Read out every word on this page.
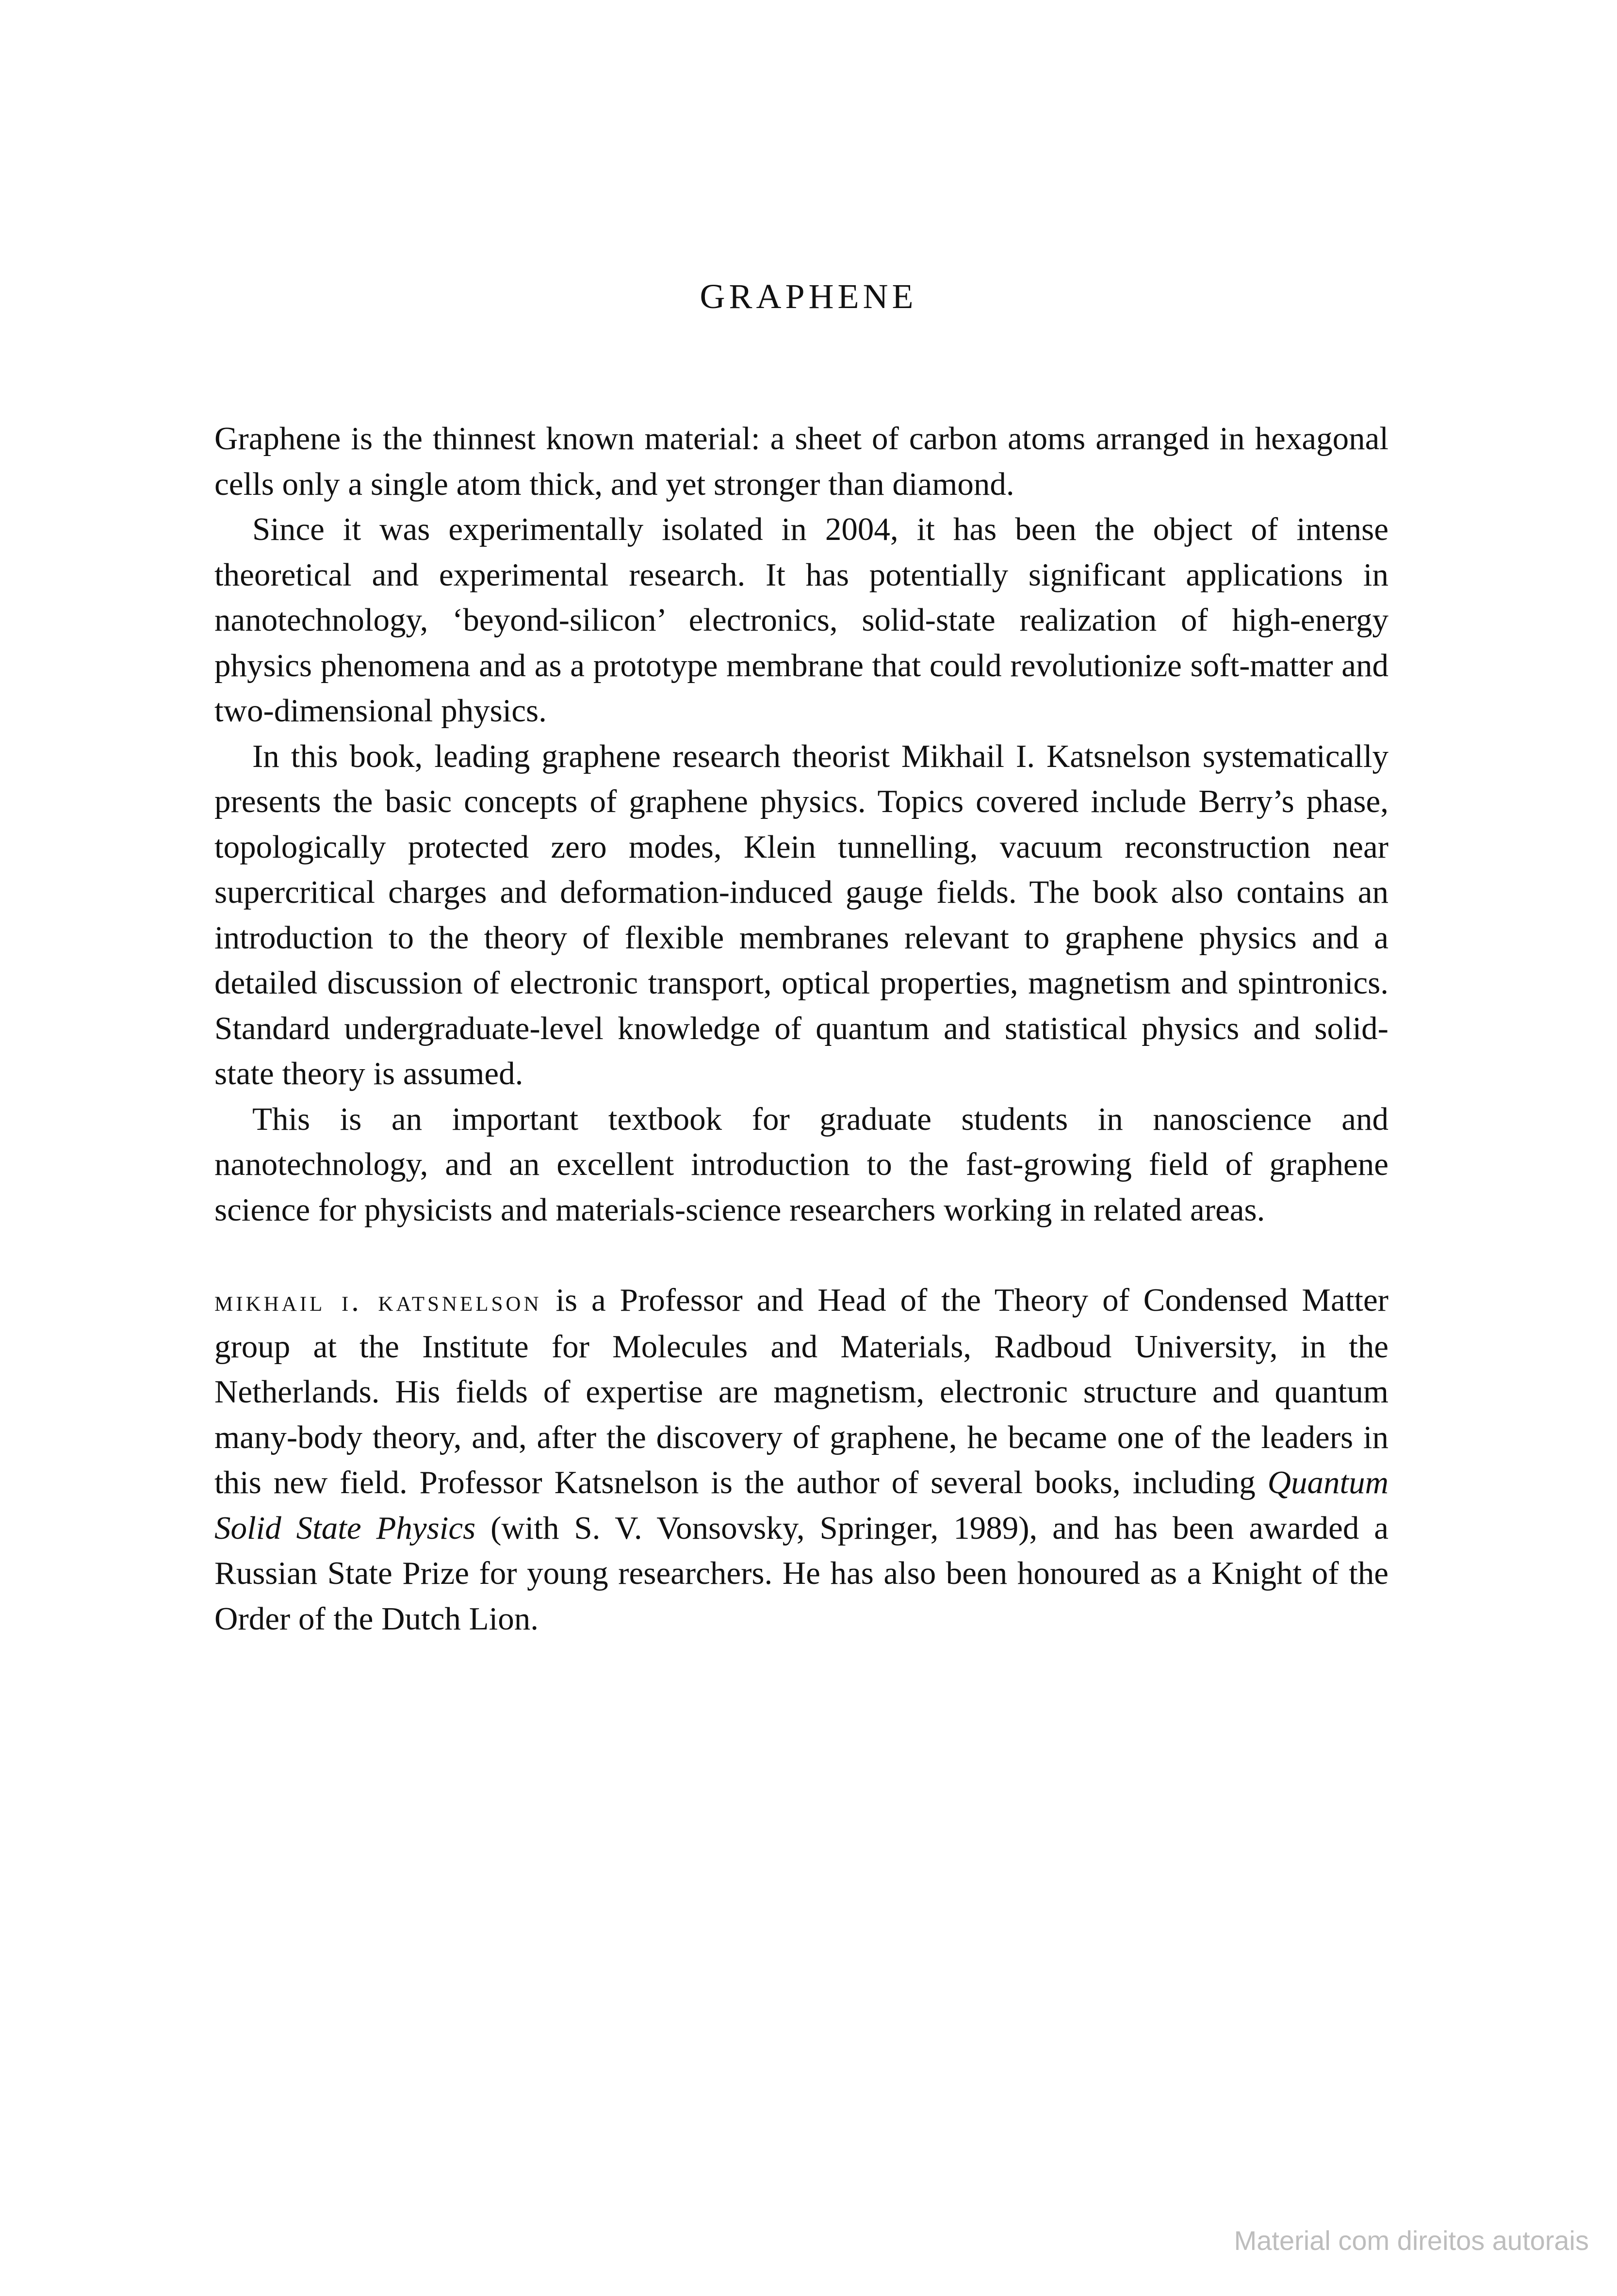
GRAPHENE

Graphene is the thinnest known material: a sheet of carbon atoms arranged in hexagonal cells only a single atom thick, and yet stronger than diamond.

Since it was experimentally isolated in 2004, it has been the object of intense theoretical and experimental research. It has potentially significant applications in nanotechnology, ‘beyond-silicon’ electronics, solid-state realization of high-energy physics phenomena and as a prototype membrane that could revolutionize soft-matter and two-dimensional physics.

In this book, leading graphene research theorist Mikhail I. Katsnelson systematically presents the basic concepts of graphene physics. Topics covered include Berry’s phase, topologically protected zero modes, Klein tunnelling, vacuum reconstruction near supercritical charges and deformation-induced gauge fields. The book also contains an introduction to the theory of flexible membranes relevant to graphene physics and a detailed discussion of electronic transport, optical properties, magnetism and spintronics. Standard undergraduate-level knowledge of quantum and statistical physics and solid-state theory is assumed.

This is an important textbook for graduate students in nanoscience and nanotechnology, and an excellent introduction to the fast-growing field of graphene science for physicists and materials-science researchers working in related areas.

mikhail i. katsnelson is a Professor and Head of the Theory of Condensed Matter group at the Institute for Molecules and Materials, Radboud University, in the Netherlands. His fields of expertise are magnetism, electronic structure and quantum many-body theory, and, after the discovery of graphene, he became one of the leaders in this new field. Professor Katsnelson is the author of several books, including Quantum Solid State Physics (with S. V. Vonsovsky, Springer, 1989), and has been awarded a Russian State Prize for young researchers. He has also been honoured as a Knight of the Order of the Dutch Lion.

Material com direitos autorais
